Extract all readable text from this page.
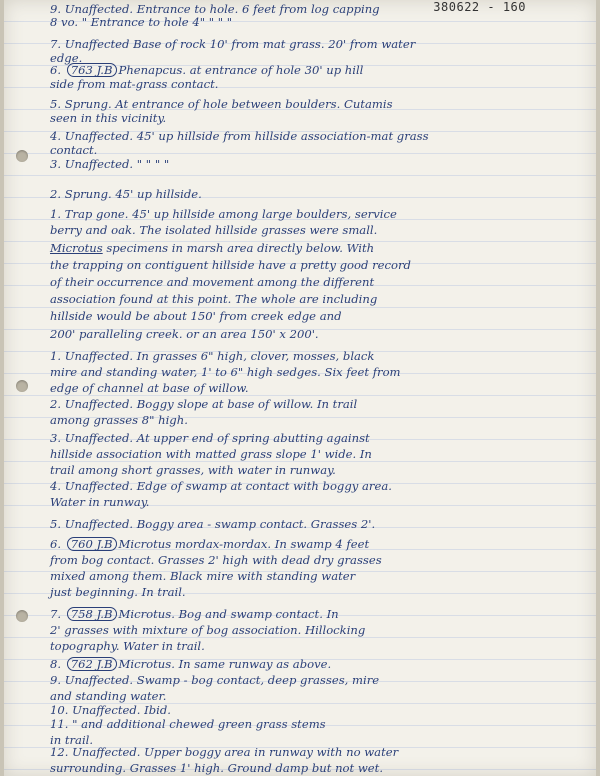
380622 - 160
9. Unaffected. Entrance to hole. 6 feet from log capping
8 vo. " Entrance to hole 4" " " "
7. Unaffected Base of rock 10' from mat grass. 20' from water
edge.
6. 763 J.B Phenapcus. at entrance of hole 30' up hill
side from mat-grass contact.
5. Sprung. At entrance of hole between boulders. Cutamis
seen in this vicinity.
4. Unaffected. 45' up hillside from hillside association-mat grass
contact.
3. Unaffected. " " " "
2. Sprung. 45' up hillside.
1. Trap gone. 45' up hillside among large boulders, service
berry and oak. The isolated hillside grasses were small.
Microtus specimens in marsh area directly below. With
the trapping on contiguent hillside have a pretty good record
of their occurrence and movement among the different
association found at this point. The whole are including
hillside would be about 150' from creek edge and
200' paralleling creek. or an area 150' x 200'.
1. Unaffected. In grasses 6" high, clover, mosses, black
mire and standing water, 1' to 6" high sedges. Six feet from
edge of channel at base of willow.
2. Unaffected. Boggy slope at base of willow. In trail
among grasses 8" high.
3. Unaffected. At upper end of spring abutting against
hillside association with matted grass slope 1' wide. In
trail among short grasses, with water in runway.
4. Unaffected. Edge of swamp at contact with boggy area.
Water in runway.
5. Unaffected. Boggy area - swamp contact. Grasses 2'.
6. 760 J.B Microtus mordax-mordax. In swamp 4 feet
from bog contact. Grasses 2' high with dead dry grasses
mixed among them. Black mire with standing water
just beginning. In trail.
7. 758 J.B Microtus. Bog and swamp contact. In
2' grasses with mixture of bog association. Hillocking
topography. Water in trail.
8. 762 J.B Microtus. In same runway as above.
9. Unaffected. Swamp - bog contact, deep grasses, mire
and standing water.
10. Unaffected. Ibid.
11. " and additional chewed green grass stems
in trail.
12. Unaffected. Upper boggy area in runway with no water
surrounding. Grasses 1' high. Ground damp but not wet.
